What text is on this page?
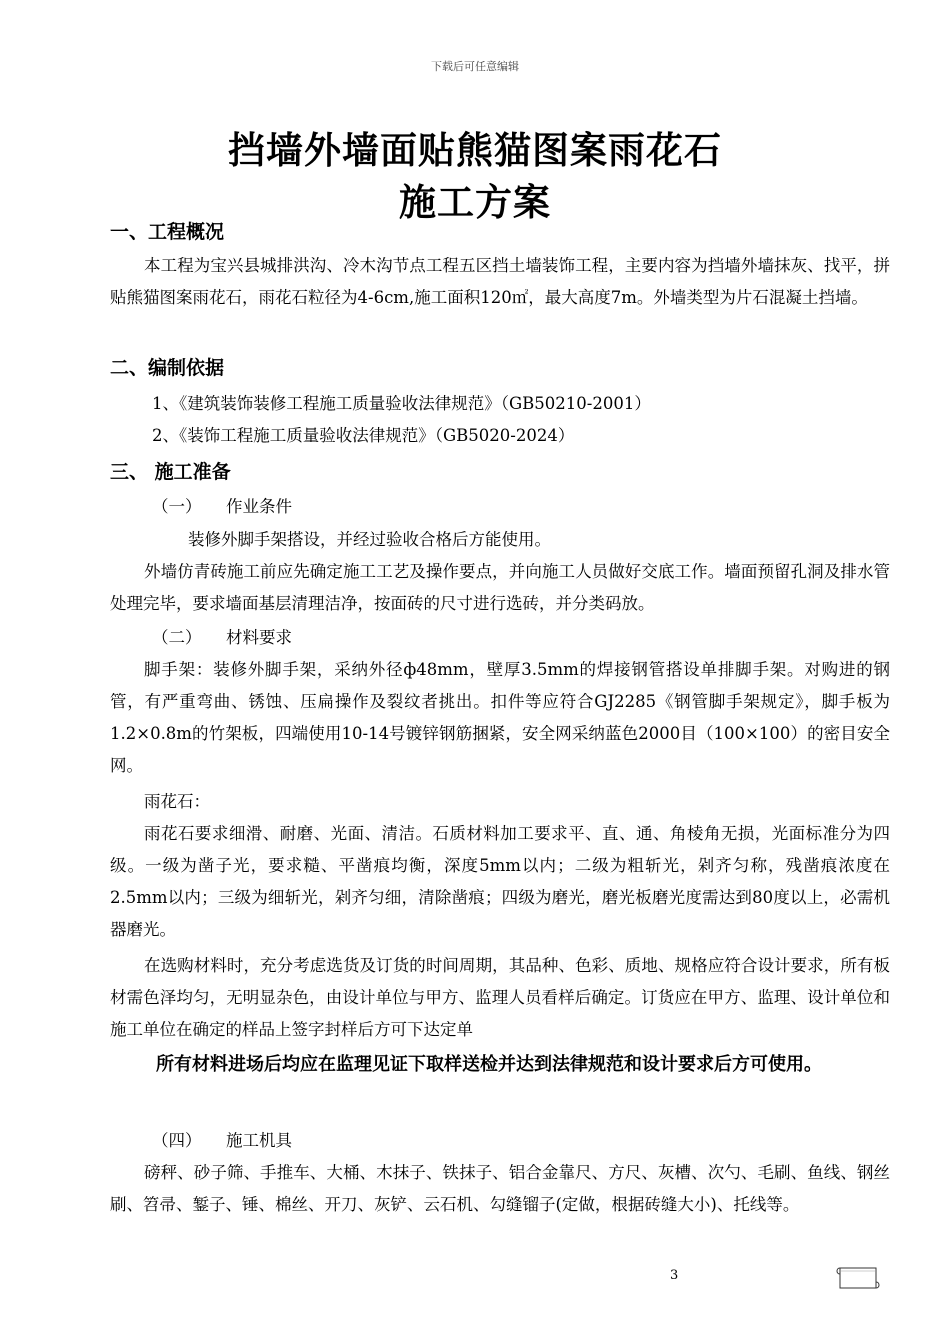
下载后可任意编辑
挡墙外墙面贴熊猫图案雨花石
施工方案
一、工程概况
本工程为宝兴县城排洪沟、冷木沟节点工程五区挡土墙装饰工程，主要内容为挡墙外墙抹灰、找平，拼贴熊猫图案雨花石，雨花石粒径为4-6cm,施工面积120㎡，最大高度7m。外墙类型为片石混凝土挡墙。
二、编制依据
1、《建筑装饰装修工程施工质量验收法律规范》（GB50210-2001）
2、《装饰工程施工质量验收法律规范》（GB5020-2024）
三、 施工准备
（一） 作业条件
装修外脚手架搭设，并经过验收合格后方能使用。
外墙仿青砖施工前应先确定施工工艺及操作要点，并向施工人员做好交底工作。墙面预留孔洞及排水管处理完毕，要求墙面基层清理洁净，按面砖的尺寸进行选砖，并分类码放。
（二） 材料要求
脚手架：装修外脚手架，采纳外径ф48mm，壁厚3.5mm的焊接钢管搭设单排脚手架。对购进的钢管，有严重弯曲、锈蚀、压扁操作及裂纹者挑出。扣件等应符合GJ2285《钢管脚手架规定》，脚手板为1.2×0.8m的竹架板，四端使用10-14号镀锌钢筋捆紧，安全网采纳蓝色2000目（100×100）的密目安全网。
雨花石：
雨花石要求细滑、耐磨、光面、清洁。石质材料加工要求平、直、通、角棱角无损，光面标准分为四级。一级为凿子光，要求糙、平凿痕均衡，深度5mm以内；二级为粗斩光，剁齐匀称，残凿痕浓度在2.5mm以内；三级为细斩光，剁齐匀细，清除凿痕；四级为磨光，磨光板磨光度需达到80度以上，必需机器磨光。
在选购材料时，充分考虑选货及订货的时间周期，其品种、色彩、质地、规格应符合设计要求，所有板材需色泽均匀，无明显杂色，由设计单位与甲方、监理人员看样后确定。订货应在甲方、监理、设计单位和施工单位在确定的样品上签字封样后方可下达定单
所有材料进场后均应在监理见证下取样送检并达到法律规范和设计要求后方可使用。
（四） 施工机具
磅秤、砂子筛、手推车、大桶、木抹子、铁抹子、铝合金靠尺、方尺、灰槽、次勺、毛刷、鱼线、钢丝刷、笤帚、錾子、锤、棉丝、开刀、灰铲、云石机、勾缝镏子(定做，根据砖缝大小)、托线等。
3
